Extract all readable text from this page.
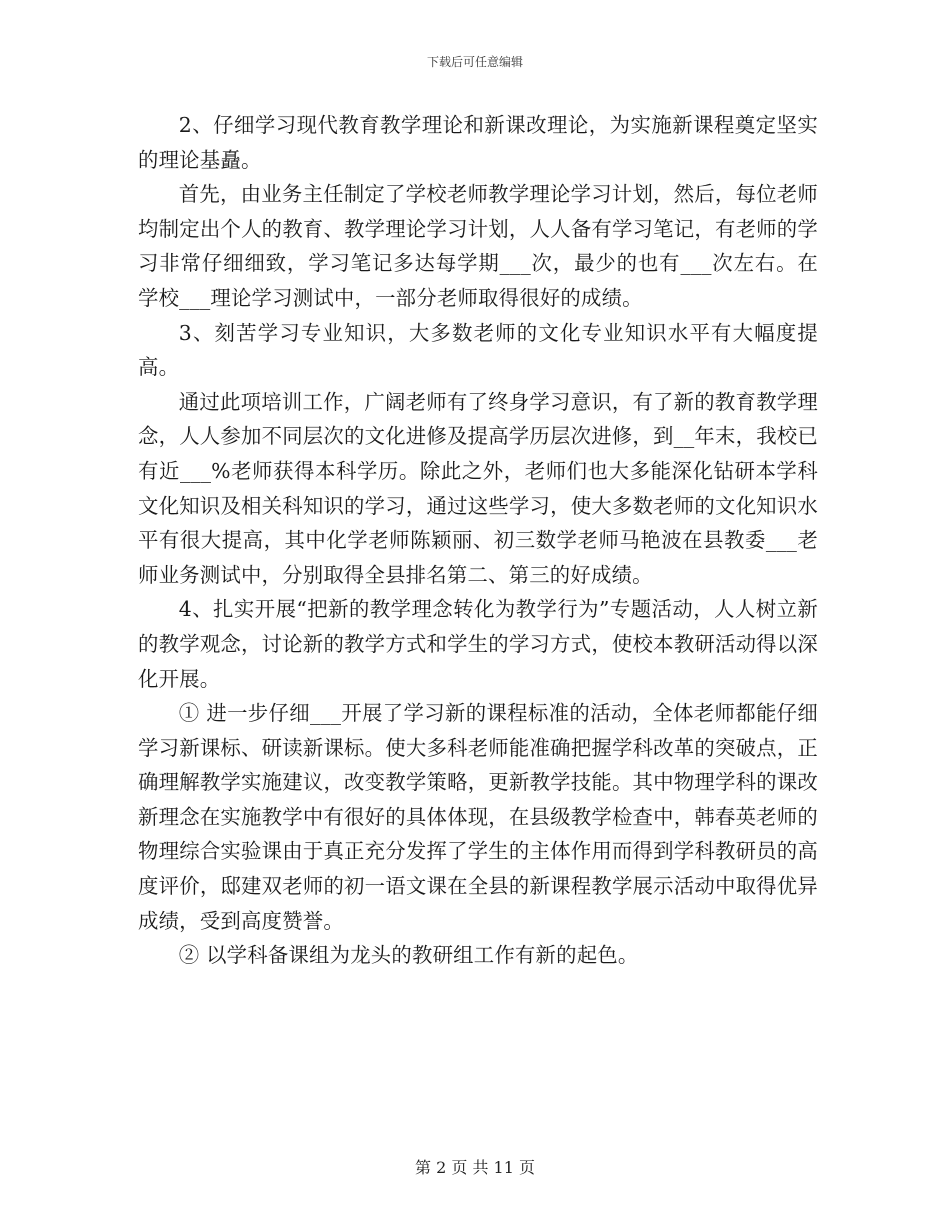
下载后可任意编辑

2、仔细学习现代教育教学理论和新课改理论，为实施新课程奠定坚实的理论基矗。

首先，由业务主任制定了学校老师教学理论学习计划，然后，每位老师均制定出个人的教育、教学理论学习计划，人人备有学习笔记，有老师的学习非常仔细细致，学习笔记多达每学期___次，最少的也有___次左右。在学校___理论学习测试中，一部分老师取得很好的成绩。

3、刻苦学习专业知识，大多数老师的文化专业知识水平有大幅度提高。

通过此项培训工作，广阔老师有了终身学习意识，有了新的教育教学理念，人人参加不同层次的文化进修及提高学历层次进修，到__年末，我校已有近___%老师获得本科学历。除此之外，老师们也大多能深化钻研本学科文化知识及相关科知识的学习，通过这些学习，使大多数老师的文化知识水平有很大提高，其中化学老师陈颖丽、初三数学老师马艳波在县教委___老师业务测试中，分别取得全县排名第二、第三的好成绩。

4、扎实开展“把新的教学理念转化为教学行为”专题活动，人人树立新的教学观念，讨论新的教学方式和学生的学习方式，使校本教研活动得以深化开展。

① 进一步仔细___开展了学习新的课程标准的活动，全体老师都能仔细学习新课标、研读新课标。使大多科老师能准确把握学科改革的突破点，正确理解教学实施建议，改变教学策略，更新教学技能。其中物理学科的课改新理念在实施教学中有很好的具体体现，在县级教学检查中，韩春英老师的物理综合实验课由于真正充分发挥了学生的主体作用而得到学科教研员的高度评价，邸建双老师的初一语文课在全县的新课程教学展示活动中取得优异成绩，受到高度赞誉。

② 以学科备课组为龙头的教研组工作有新的起色。

第 2 页 共 11 页
